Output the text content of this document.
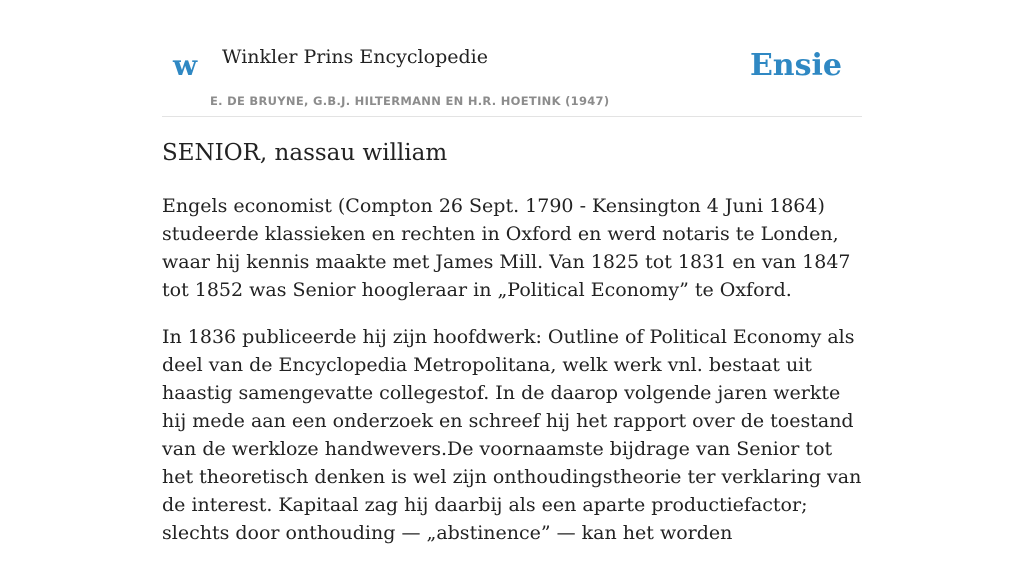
w Winkler Prins Encyclopedie
E. DE BRUYNE, G.B.J. HILTERMANN EN H.R. HOETINK (1947)
Ensie
SENIOR, nassau william

Engels economist (Compton 26 Sept. 1790 - Kensington 4 Juni 1864) studeerde klassieken en rechten in Oxford en werd notaris te Londen, waar hij kennis maakte met James Mill. Van 1825 tot 1831 en van 1847 tot 1852 was Senior hoogleraar in „Political Economy” te Oxford.

In 1836 publiceerde hij zijn hoofdwerk: Outline of Political Economy als deel van de Encyclopedia Metropolitana, welk werk vnl. bestaat uit haastig samengevatte collegestof. In de daarop volgende jaren werkte hij mede aan een onderzoek en schreef hij het rapport over de toestand van de werkloze handwevers.De voornaamste bijdrage van Senior tot het theoretisch denken is wel zijn onthoudingstheorie ter verklaring van de interest. Kapitaal zag hij daarbij als een aparte productiefactor; slechts door onthouding — „abstinence” — kan het worden
